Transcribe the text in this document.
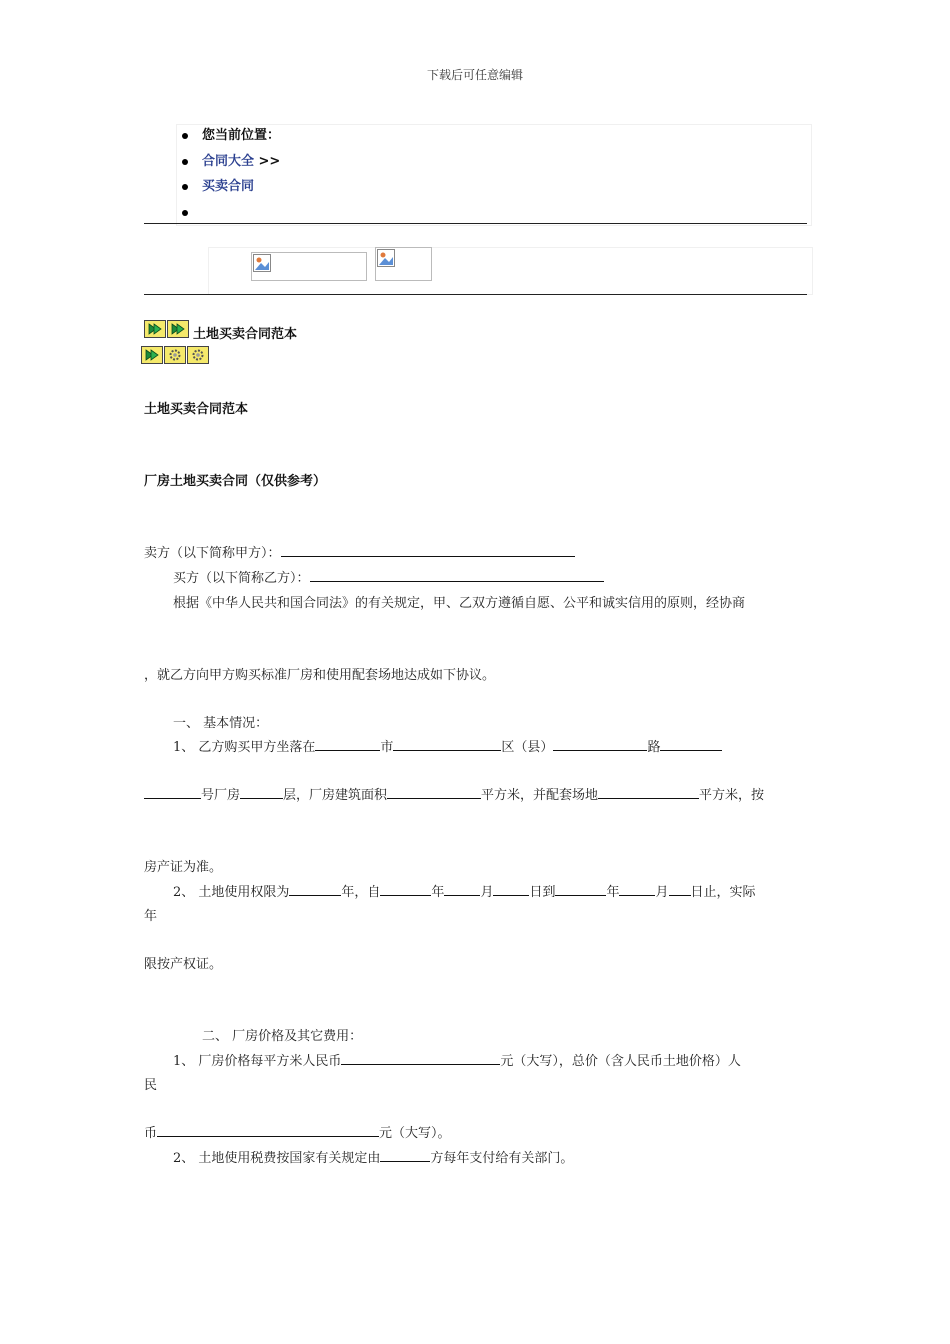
下载后可任意编辑
您当前位置：
合同大全 >>
买卖合同
土地买卖合同范本
土地买卖合同范本
厂房土地买卖合同（仅供参考）
卖方（以下简称甲方）：
买方（以下简称乙方）：
根据《中华人民共和国合同法》的有关规定，甲、乙双方遵循自愿、公平和诚实信用的原则，经协商
，就乙方向甲方购买标准厂房和使用配套场地达成如下协议。
一、 基本情况：
1、 乙方购买甲方坐落在	市	区（县）	路
号厂房	层，厂房建筑面积	平方米，并配套场地	平方米，按
房产证为准。
2、 土地使用权限为	年，自	年	月	日到	年	月 日止，实际
年
限按产权证。
二、 厂房价格及其它费用：
1、 厂房价格每平方米人民币	元（大写），总价（含人民币土地价格）人
民
币	元（大写）。
2、 土地使用税费按国家有关规定由	方每年支付给有关部门。
